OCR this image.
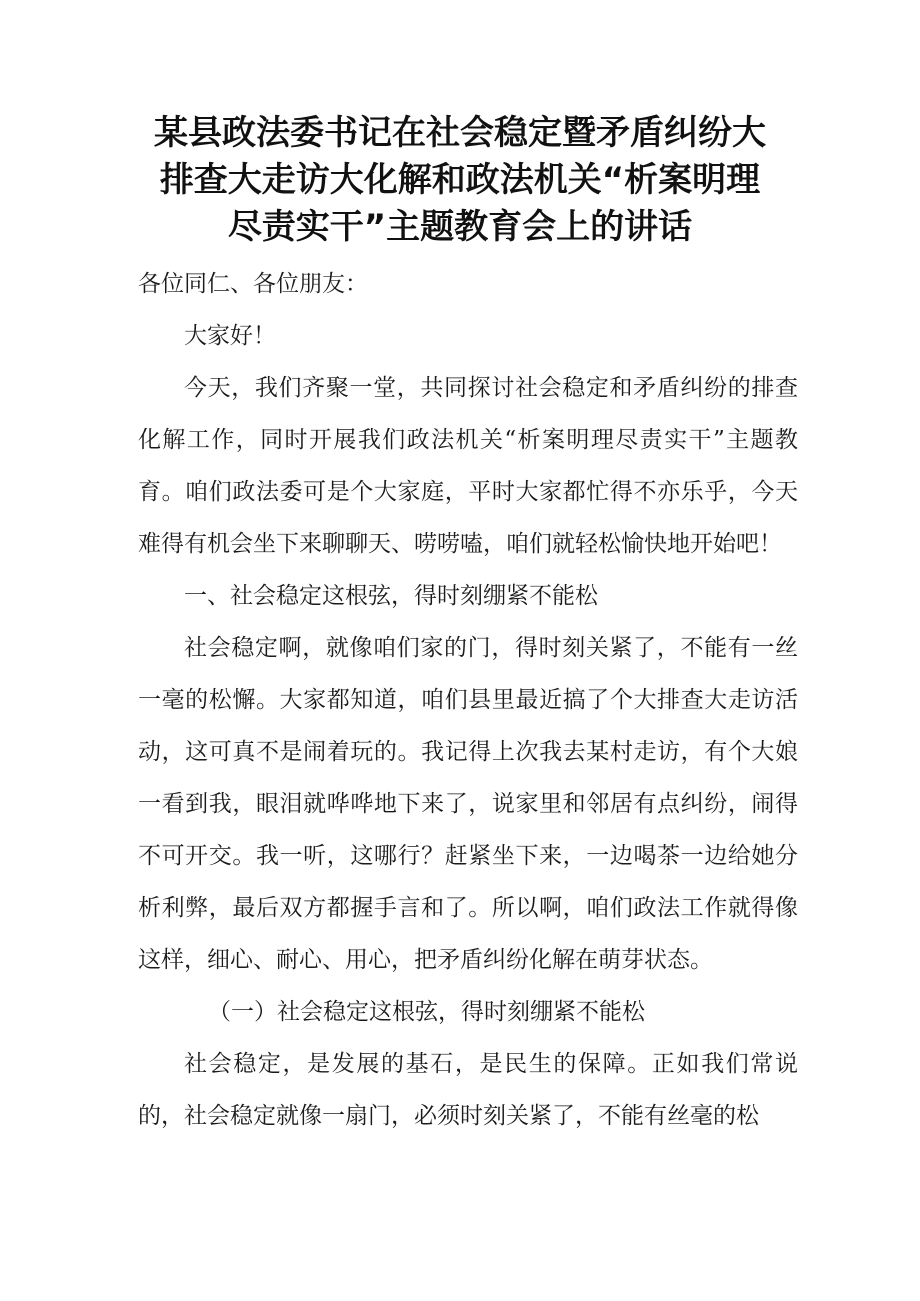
某县政法委书记在社会稳定暨矛盾纠纷大
排查大走访大化解和政法机关“析案明理
尽责实干”主题教育会上的讲话

各位同仁、各位朋友：

大家好！

今天，我们齐聚一堂，共同探讨社会稳定和矛盾纠纷的排查化解工作，同时开展我们政法机关“析案明理尽责实干”主题教育。咱们政法委可是个大家庭，平时大家都忙得不亦乐乎，今天难得有机会坐下来聊聊天、唠唠嗑，咱们就轻松愉快地开始吧！

一、社会稳定这根弦，得时刻绷紧不能松

社会稳定啊，就像咱们家的门，得时刻关紧了，不能有一丝一毫的松懈。大家都知道，咱们县里最近搞了个大排查大走访活动，这可真不是闹着玩的。我记得上次我去某村走访，有个大娘一看到我，眼泪就哗哗地下来了，说家里和邻居有点纠纷，闹得不可开交。我一听，这哪行？赶紧坐下来，一边喝茶一边给她分析利弊，最后双方都握手言和了。所以啊，咱们政法工作就得像这样，细心、耐心、用心，把矛盾纠纷化解在萌芽状态。

（一）社会稳定这根弦，得时刻绷紧不能松

社会稳定，是发展的基石，是民生的保障。正如我们常说的，社会稳定就像一扇门，必须时刻关紧了，不能有丝毫的松
